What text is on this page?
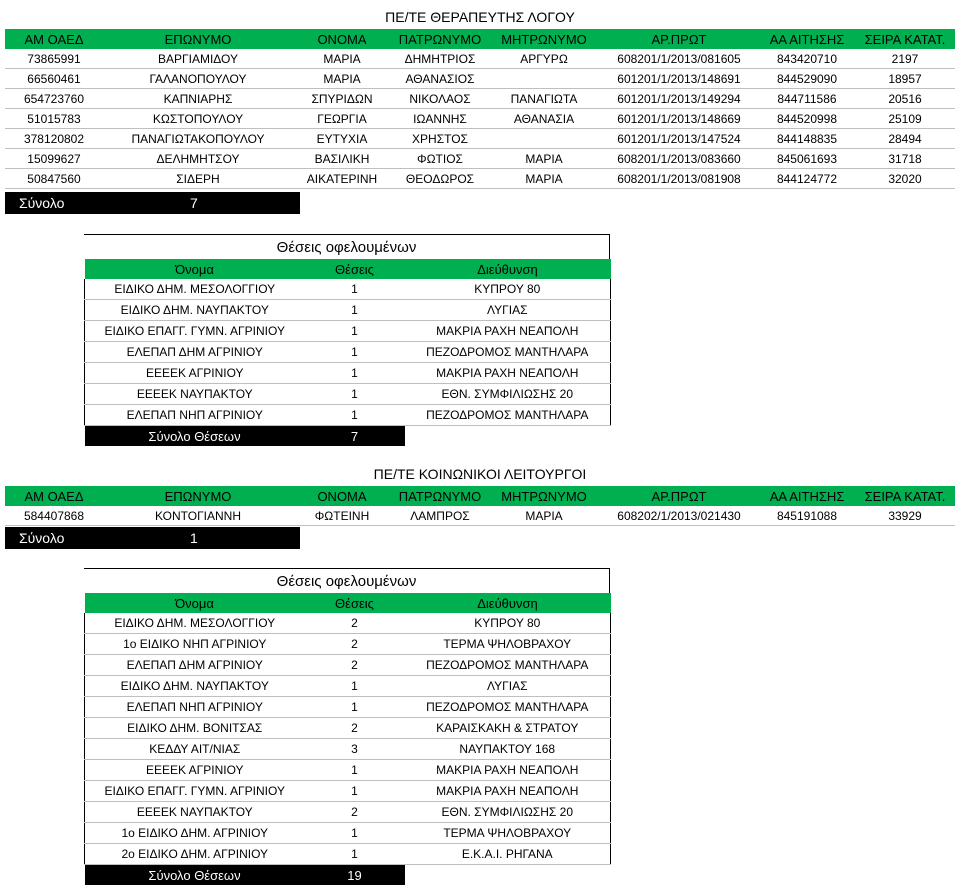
ΠΕ/ΤΕ ΘΕΡΑΠΕΥΤΗΣ ΛΟΓΟΥ
ΑΜ ΟΑΕΔ	ΕΠΩΝΥΜΟ	ΟΝΟΜΑ	ΠΑΤΡΩΝΥΜΟ	ΜΗΤΡΩΝΥΜΟ	ΑΡ.ΠΡΩΤ	ΑΑ ΑΙΤΗΣΗΣ	ΣΕΙΡΑ ΚΑΤΑΤ.
73865991	ΒΑΡΓΙΑΜΙΔΟΥ	ΜΑΡΙΑ	ΔΗΜΗΤΡΙΟΣ	ΑΡΓΥΡΩ	608201/1/2013/081605	843420710	2197
66560461	ΓΑΛΑΝΟΠΟΥΛΟΥ	ΜΑΡΙΑ	ΑΘΑΝΑΣΙΟΣ		601201/1/2013/148691	844529090	18957
654723760	ΚΑΠΝΙΑΡΗΣ	ΣΠΥΡΙΔΩΝ	ΝΙΚΟΛΑΟΣ	ΠΑΝΑΓΙΩΤΑ	601201/1/2013/149294	844711586	20516
51015783	ΚΩΣΤΟΠΟΥΛΟΥ	ΓΕΩΡΓΙΑ	ΙΩΑΝΝΗΣ	ΑΘΑΝΑΣΙΑ	601201/1/2013/148669	844520998	25109
378120802	ΠΑΝΑΓΙΩΤΑΚΟΠΟΥΛΟΥ	ΕΥΤΥΧΙΑ	ΧΡΗΣΤΟΣ		601201/1/2013/147524	844148835	28494
15099627	ΔΕΛΗΜΗΤΣΟΥ	ΒΑΣΙΛΙΚΗ	ΦΩΤΙΟΣ	ΜΑΡΙΑ	608201/1/2013/083660	845061693	31718
50847560	ΣΙΔΕΡΗ	ΑΙΚΑΤΕΡΙΝΗ	ΘΕΟΔΩΡΟΣ	ΜΑΡΙΑ	608201/1/2013/081908	844124772	32020
Σύνολο	7
Θέσεις οφελουμένων
Όνομα	Θέσεις	Διεύθυνση
ΕΙΔΙΚΟ ΔΗΜ. ΜΕΣΟΛΟΓΓΙΟΥ	1	ΚΥΠΡΟΥ 80
ΕΙΔΙΚΟ ΔΗΜ. ΝΑΥΠΑΚΤΟΥ	1	ΛΥΓΙΑΣ
ΕΙΔΙΚΟ ΕΠΑΓΓ. ΓΥΜΝ. ΑΓΡΙΝΙΟΥ	1	ΜΑΚΡΙΑ ΡΑΧΗ ΝΕΑΠΟΛΗ
ΕΛΕΠΑΠ ΔΗΜ ΑΓΡΙΝΙΟΥ	1	ΠΕΖΟΔΡΟΜΟΣ ΜΑΝΤΗΛΑΡΑ
ΕΕΕΕΚ ΑΓΡΙΝΙΟΥ	1	ΜΑΚΡΙΑ ΡΑΧΗ ΝΕΑΠΟΛΗ
ΕΕΕΕΚ ΝΑΥΠΑΚΤΟΥ	1	ΕΘΝ. ΣΥΜΦΙΛΙΩΣΗΣ 20
ΕΛΕΠΑΠ ΝΗΠ ΑΓΡΙΝΙΟΥ	1	ΠΕΖΟΔΡΟΜΟΣ ΜΑΝΤΗΛΑΡΑ
Σύνολο Θέσεων	7	
ΠΕ/ΤΕ ΚΟΙΝΩΝΙΚΟΙ ΛΕΙΤΟΥΡΓΟΙ
ΑΜ ΟΑΕΔ	ΕΠΩΝΥΜΟ	ΟΝΟΜΑ	ΠΑΤΡΩΝΥΜΟ	ΜΗΤΡΩΝΥΜΟ	ΑΡ.ΠΡΩΤ	ΑΑ ΑΙΤΗΣΗΣ	ΣΕΙΡΑ ΚΑΤΑΤ.
584407868	ΚΟΝΤΟΓΙΑΝΝΗ	ΦΩΤΕΙΝΗ	ΛΑΜΠΡΟΣ	ΜΑΡΙΑ	608202/1/2013/021430	845191088	33929
Σύνολο	1
Θέσεις οφελουμένων
Όνομα	Θέσεις	Διεύθυνση
ΕΙΔΙΚΟ ΔΗΜ. ΜΕΣΟΛΟΓΓΙΟΥ	2	ΚΥΠΡΟΥ 80
1ο ΕΙΔΙΚΟ ΝΗΠ ΑΓΡΙΝΙΟΥ	2	ΤΕΡΜΑ ΨΗΛΟΒΡΑΧΟΥ
ΕΛΕΠΑΠ ΔΗΜ ΑΓΡΙΝΙΟΥ	2	ΠΕΖΟΔΡΟΜΟΣ ΜΑΝΤΗΛΑΡΑ
ΕΙΔΙΚΟ ΔΗΜ. ΝΑΥΠΑΚΤΟΥ	1	ΛΥΓΙΑΣ
ΕΛΕΠΑΠ ΝΗΠ ΑΓΡΙΝΙΟΥ	1	ΠΕΖΟΔΡΟΜΟΣ ΜΑΝΤΗΛΑΡΑ
ΕΙΔΙΚΟ ΔΗΜ. ΒΟΝΙΤΣΑΣ	2	ΚΑΡΑΙΣΚΑΚΗ & ΣΤΡΑΤΟΥ
ΚΕΔΔΥ ΑΙΤ/ΝΙΑΣ	3	ΝΑΥΠΑΚΤΟΥ 168
ΕΕΕΕΚ ΑΓΡΙΝΙΟΥ	1	ΜΑΚΡΙΑ ΡΑΧΗ ΝΕΑΠΟΛΗ
ΕΙΔΙΚΟ ΕΠΑΓΓ. ΓΥΜΝ. ΑΓΡΙΝΙΟΥ	1	ΜΑΚΡΙΑ ΡΑΧΗ ΝΕΑΠΟΛΗ
ΕΕΕΕΚ ΝΑΥΠΑΚΤΟΥ	2	ΕΘΝ. ΣΥΜΦΙΛΙΩΣΗΣ 20
1ο ΕΙΔΙΚΟ ΔΗΜ. ΑΓΡΙΝΙΟΥ	1	ΤΕΡΜΑ ΨΗΛΟΒΡΑΧΟΥ
2ο ΕΙΔΙΚΟ ΔΗΜ. ΑΓΡΙΝΙΟΥ	1	Ε.Κ.Α.Ι. ΡΗΓΑΝΑ
Σύνολο Θέσεων	19	
